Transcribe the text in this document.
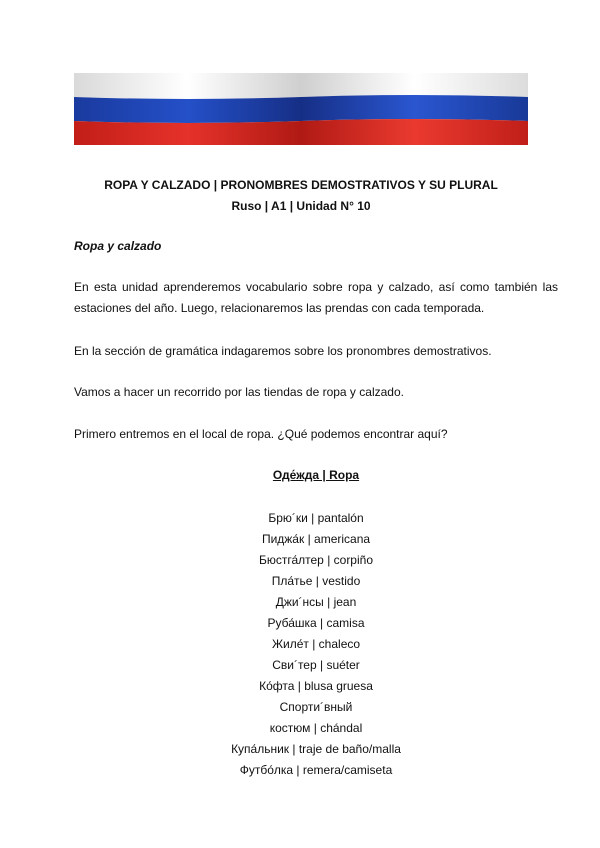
ROPA Y CALZADO | PRONOMBRES DEMOSTRATIVOS Y SU PLURAL
Ruso | A1 | Unidad N° 10
Ropa y calzado

En esta unidad aprenderemos vocabulario sobre ropa y calzado, así como también las estaciones del año. Luego, relacionaremos las prendas con cada temporada.

En la sección de gramática indagaremos sobre los pronombres demostrativos.

Vamos a hacer un recorrido por las tiendas de ropa y calzado.

Primero entremos en el local de ropa. ¿Qué podemos encontrar aquí?

Оде́жда | Ropa
Брю´ки | pantalón
Пиджа́к | americana
Бюстга́лтер | corpiño
Пла́тье | vestido
Джи´нсы | jean
Руба́шка | camisa
Жиле́т | chaleco
Сви´тер | suéter
Ко́фта | blusa gruesa
Спорти´вный
костюм | chándal
Купа́льник | traje de baño/malla
Футбо́лка | remera/camiseta
